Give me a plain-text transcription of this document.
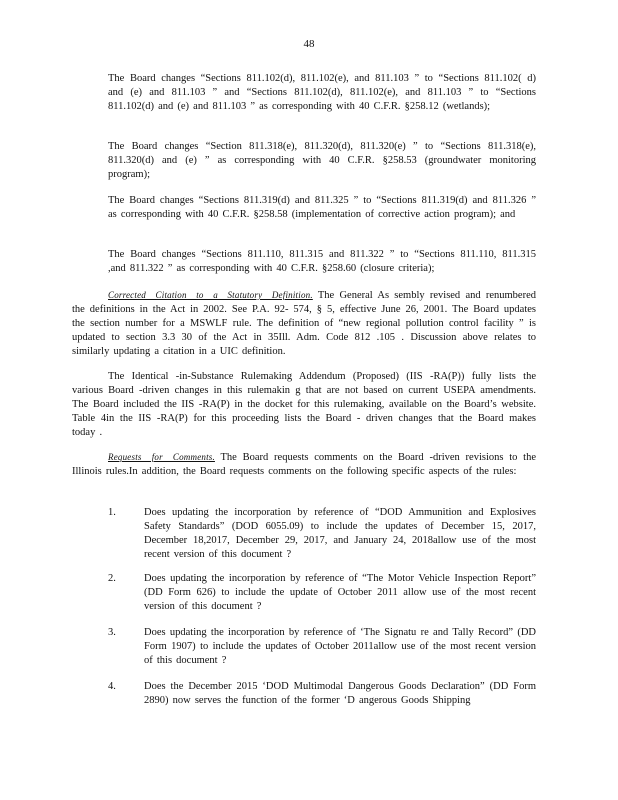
48
The Board changes “Sections 811.102(d), 811.102(e), and 811.103 ” to “Sections 811.102( d) and (e) and 811.103 ” and “Sections 811.102(d), 811.102(e), and 811.103 ” to “Sections 811.102(d) and (e) and 811.103 ” as corresponding with 40 C.F.R. §258.12 (wetlands);
The Board changes “Section 811.318(e), 811.320(d), 811.320(e) ” to “Sections 811.318(e), 811.320(d) and (e) ” as corresponding with 40 C.F.R. §258.53 (groundwater monitoring program);
The Board changes “Sections 811.319(d) and 811.325 ” to “Sections 811.319(d) and 811.326 ” as corresponding with 40 C.F.R. §258.58 (implementation of corrective action program); and
The Board changes “Sections 811.110, 811.315 and 811.322 ” to “Sections 811.110, 811.315 ,and 811.322 ” as corresponding with 40 C.F.R. §258.60 (closure criteria);
Corrected Citation to a Statutory Definition. The General As sembly revised and renumbered the definitions in the Act in 2002. See P.A. 92- 574, § 5, effective June 26, 2001. The Board updates the section number for a MSWLF rule. The definition of “new regional pollution control facility ” is updated to section 3.3 30 of the Act in 35Ill. Adm. Code 812 .105 . Discussion above relates to similarly updating a citation in a UIC definition.
The Identical -in-Substance Rulemaking Addendum (Proposed) (IIS -RA(P)) fully lists the various Board -driven changes in this rulemakin g that are not based on current USEPA amendments. The Board included the IIS -RA(P) in the docket for this rulemaking, available on the Board’s website. Table 4in the IIS -RA(P) for this proceeding lists the Board - driven changes that the Board makes today .
Requests for Comments. The Board requests comments on the Board -driven revisions to the Illinois rules.In addition, the Board requests comments on the following specific aspects of the rules:
1.	Does updating the incorporation by reference of “DOD Ammunition and Explosives Safety Standards” (DOD 6055.09) to include the updates of December 15, 2017, December 18,2017, December 29, 2017, and January 24, 2018allow use of the most recent version of this document ?
2.	Does updating the incorporation by reference of “The Motor Vehicle Inspection Report” (DD Form 626) to include the update of October 2011 allow use of the most recent version of this document ?
3.	Does updating the incorporation by reference of ‘The Signatu re and Tally Record” (DD Form 1907) to include the updates of October 2011allow use of the most recent version of this document ?
4.	Does the December 2015 ‘DOD Multimodal Dangerous Goods Declaration” (DD Form 2890) now serves the function of the former ‘D angerous Goods Shipping
